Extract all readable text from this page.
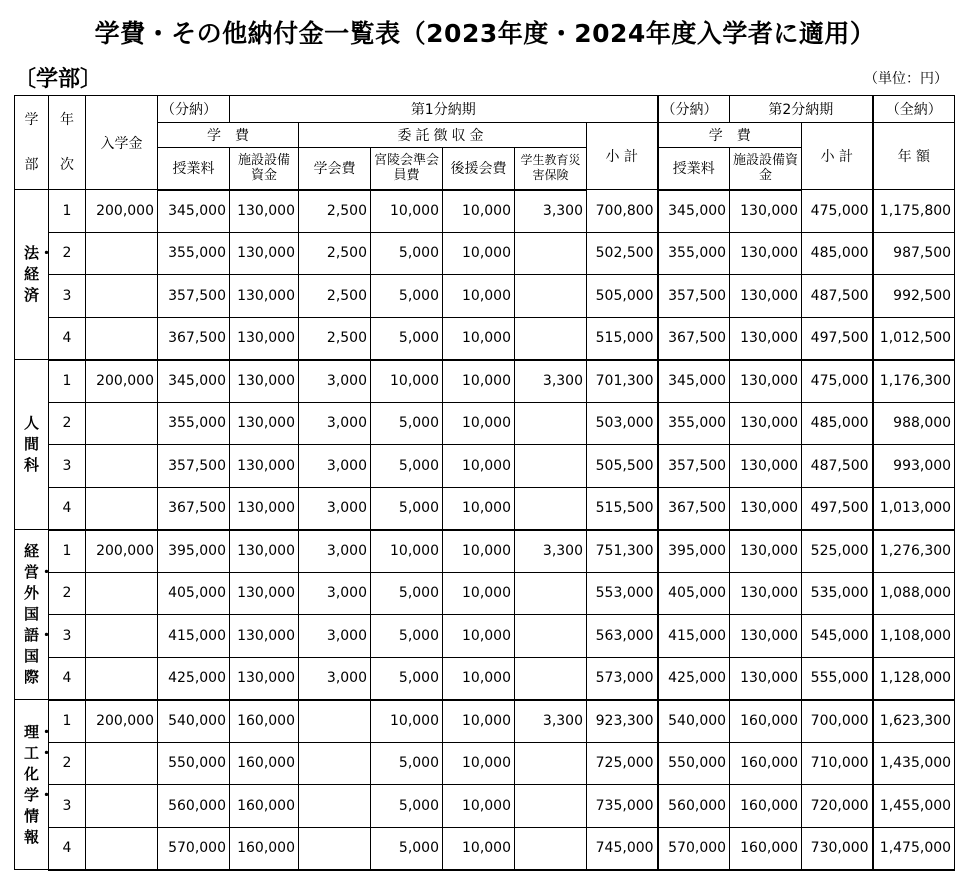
学費・その他納付金一覧表（2023年度・2024年度入学者に適用）
〔学部〕	（単位：円）
学部	年次	入学金	（分納）	第1分納期						（分納）	第2分納期		（全納）
			学　費		委託徴収金				小 計	学　費		小 計	年 額
			授業料	施設設備資金	学会費	宮陵会準会員費	後援会費	学生教育災害保険		授業料	施設設備資金		

法・経済	1	200,000	345,000	130,000	2,500	10,000	10,000	3,300	700,800	345,000	130,000	475,000	1,175,800
	2		355,000	130,000	2,500	5,000	10,000		502,500	355,000	130,000	485,000	987,500
	3		357,500	130,000	2,500	5,000	10,000		505,000	357,500	130,000	487,500	992,500
	4		367,500	130,000	2,500	5,000	10,000		515,000	367,500	130,000	497,500	1,012,500

人間科	1	200,000	345,000	130,000	3,000	10,000	10,000	3,300	701,300	345,000	130,000	475,000	1,176,300
	2		355,000	130,000	3,000	5,000	10,000		503,000	355,000	130,000	485,000	988,000
	3		357,500	130,000	3,000	5,000	10,000		505,500	357,500	130,000	487,500	993,000
	4		367,500	130,000	3,000	5,000	10,000		515,500	367,500	130,000	497,500	1,013,000

経営・外国語・国際	1	200,000	395,000	130,000	3,000	10,000	10,000	3,300	751,300	395,000	130,000	525,000	1,276,300
	2		405,000	130,000	3,000	5,000	10,000		553,000	405,000	130,000	535,000	1,088,000
	3		415,000	130,000	3,000	5,000	10,000		563,000	415,000	130,000	545,000	1,108,000
	4		425,000	130,000	3,000	5,000	10,000		573,000	425,000	130,000	555,000	1,128,000

理・工・化学・情報	1	200,000	540,000	160,000		10,000	10,000	3,300	923,300	540,000	160,000	700,000	1,623,300
	2		550,000	160,000		5,000	10,000		725,000	550,000	160,000	710,000	1,435,000
	3		560,000	160,000		5,000	10,000		735,000	560,000	160,000	720,000	1,455,000
	4		570,000	160,000		5,000	10,000		745,000	570,000	160,000	730,000	1,475,000
